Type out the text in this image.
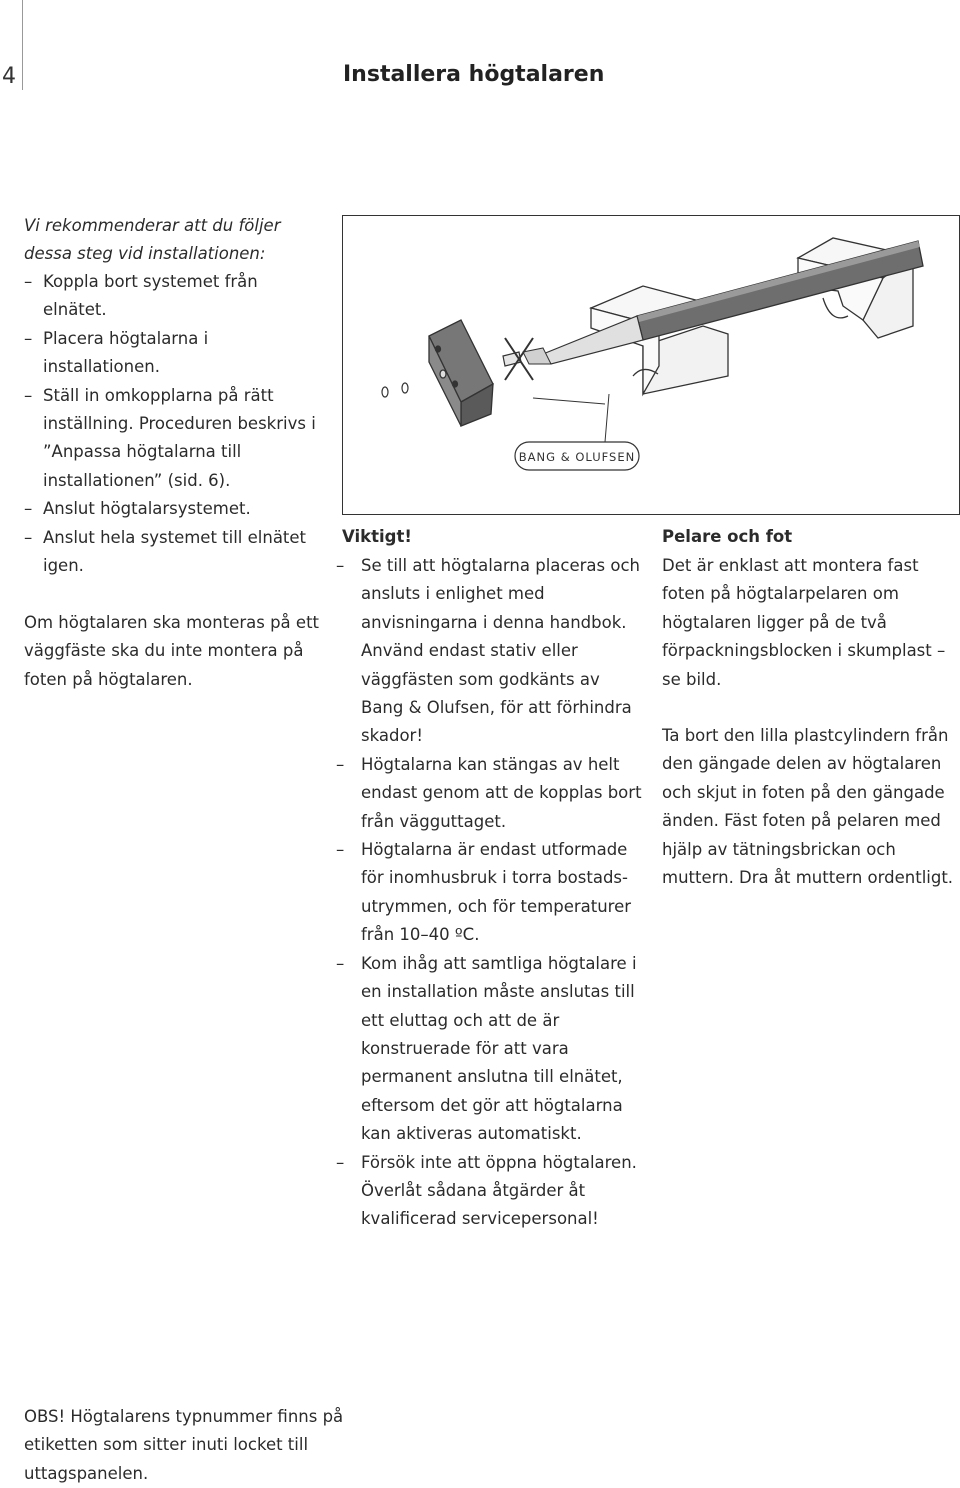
4	Installera högtalaren
Vi rekommenderar att du följer dessa steg vid installationen:
– Koppla bort systemet från elnätet.
– Placera högtalarna i installationen.
– Ställ in omkopplarna på rätt inställning. Proceduren beskrivs i ”Anpassa högtalarna till installationen” (sid. 6).
– Anslut högtalarsystemet.
– Anslut hela systemet till elnätet igen.
Om högtalaren ska monteras på ett väggfäste ska du inte montera på foten på högtalaren.
BANG & OLUFSEN
Viktigt!
– Se till att högtalarna placeras och ansluts i enlighet med anvisningarna i denna handbok. Använd endast stativ eller väggfästen som godkänts av Bang & Olufsen, för att förhindra skador!
– Högtalarna kan stängas av helt endast genom att de kopplas bort från vägguttaget.
– Högtalarna är endast utformade för inomhusbruk i torra bostads-utrymmen, och för temperaturer från 10–40 ºC.
– Kom ihåg att samtliga högtalare i en installation måste anslutas till ett eluttag och att de är konstruerade för att vara permanent anslutna till elnätet, eftersom det gör att högtalarna kan aktiveras automatiskt.
– Försök inte att öppna högtalaren. Överlåt sådana åtgärder åt kvalificerad servicepersonal!
Pelare och fot
Det är enklast att montera fast foten på högtalarpelaren om högtalaren ligger på de två förpackningsblocken i skumplast – se bild.
Ta bort den lilla plastcylindern från den gängade delen av högtalaren och skjut in foten på den gängade änden. Fäst foten på pelaren med hjälp av tätningsbrickan och muttern. Dra åt muttern ordentligt.
OBS! Högtalarens typnummer finns på etiketten som sitter inuti locket till uttagspanelen.
